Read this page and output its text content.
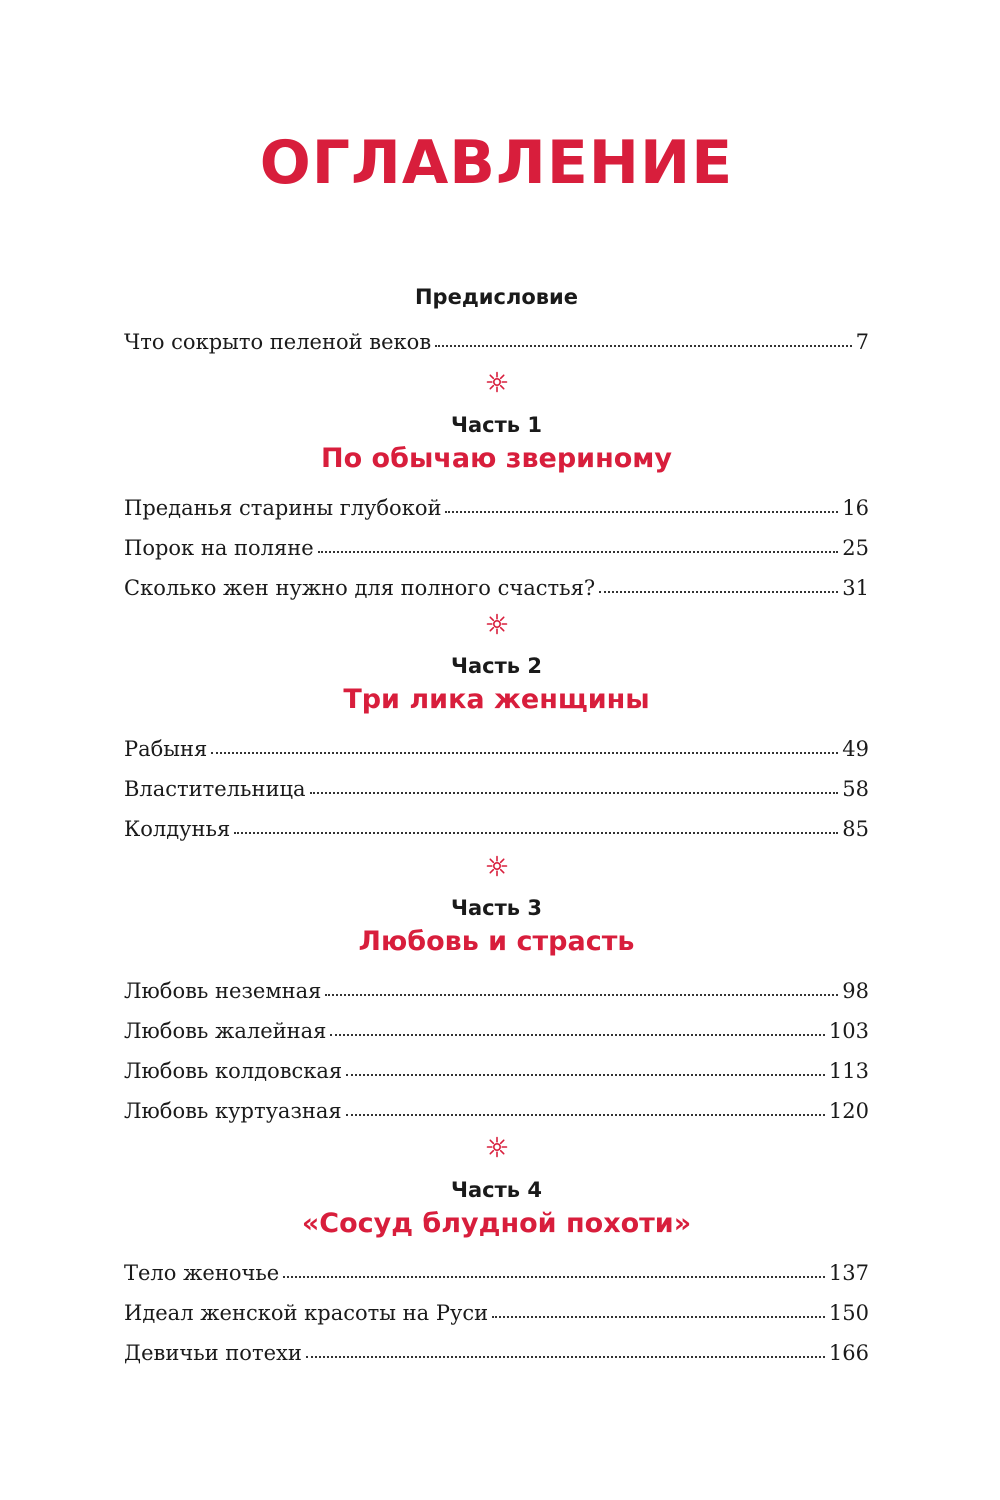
ОГЛАВЛЕНИЕ
Предисловие
Что сокрыто пеленой веков	7
Часть 1
По обычаю звериному
Преданья старины глубокой	16
Порок на поляне	25
Сколько жен нужно для полного счастья?	31
Часть 2
Три лика женщины
Рабыня	49
Властительница	58
Колдунья	85
Часть 3
Любовь и страсть
Любовь неземная	98
Любовь жалейная	103
Любовь колдовская	113
Любовь куртуазная	120
Часть 4
«Сосуд блудной похоти»
Тело женочье	137
Идеал женской красоты на Руси	150
Девичьи потехи	166
